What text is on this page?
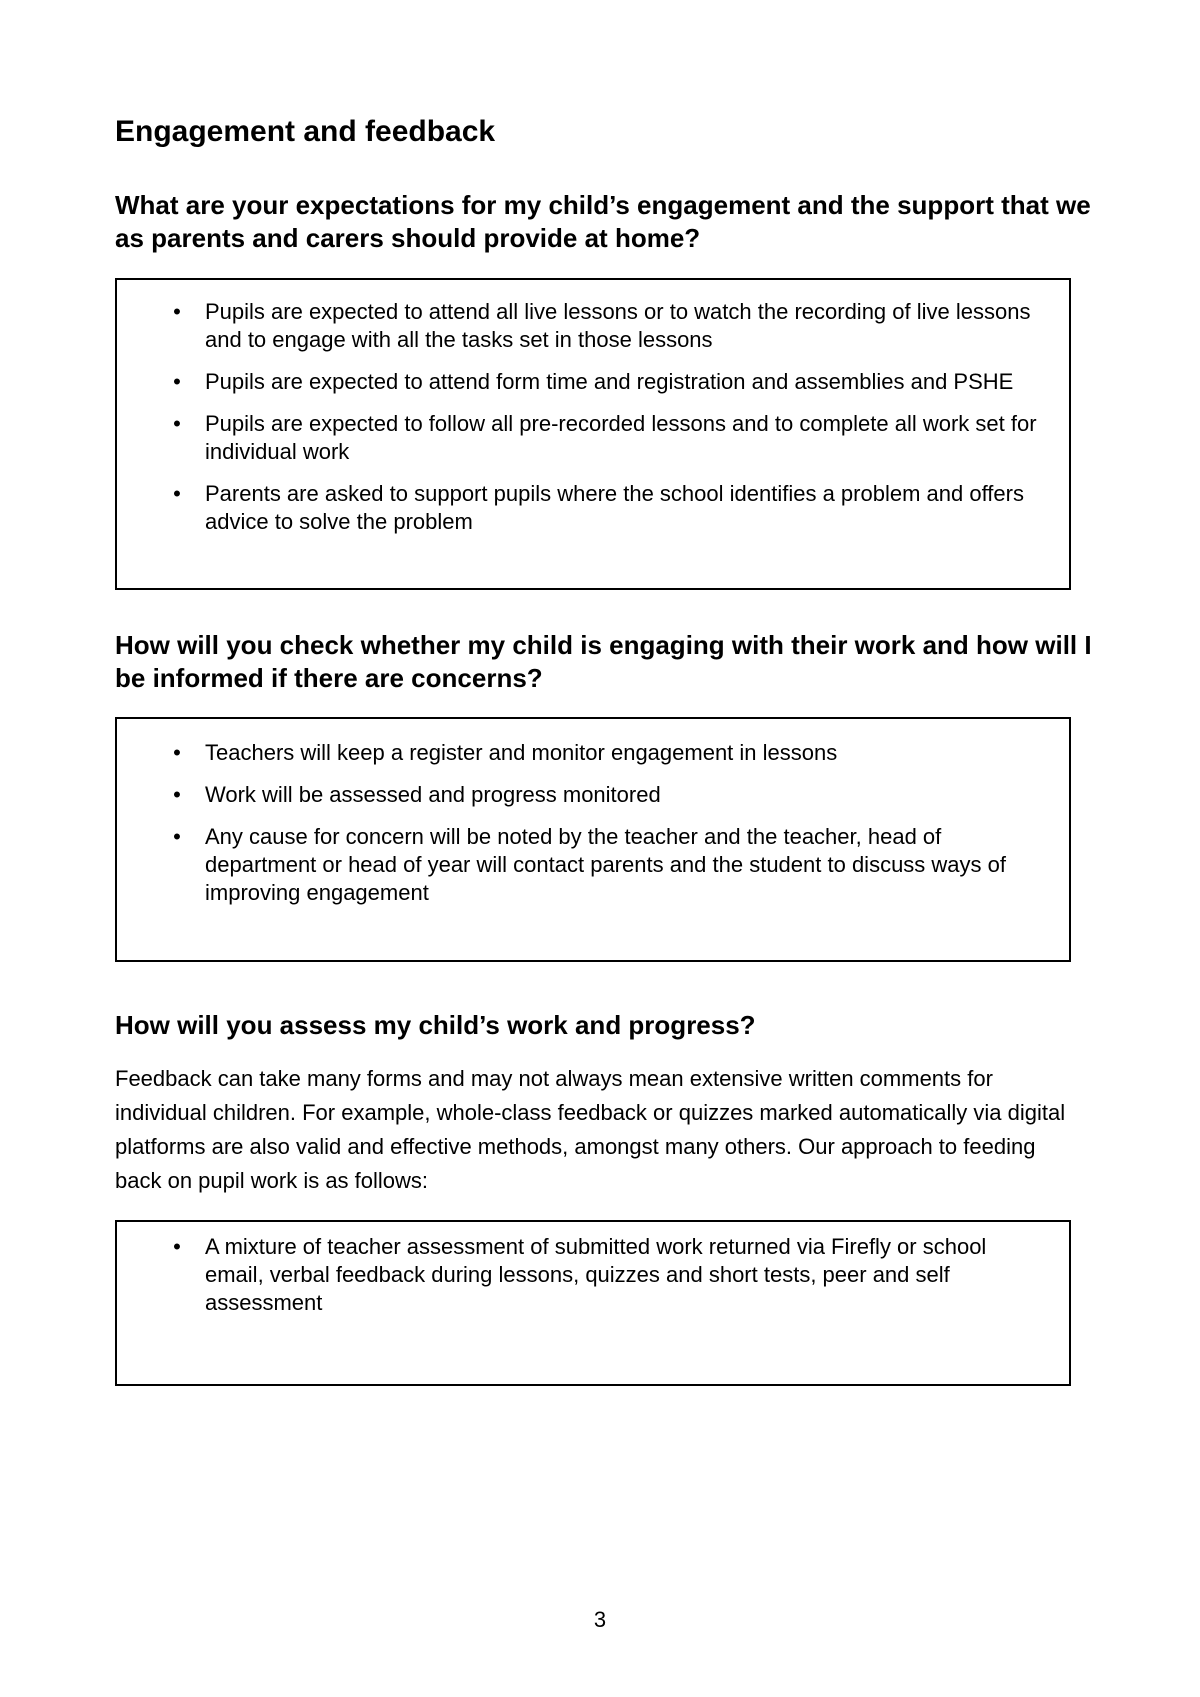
Engagement and feedback
What are your expectations for my child’s engagement and the support that we as parents and carers should provide at home?
• Pupils are expected to attend all live lessons or to watch the recording of live lessons and to engage with all the tasks set in those lessons
• Pupils are expected to attend form time and registration and assemblies and PSHE
• Pupils are expected to follow all pre-recorded lessons and to complete all work set for individual work
• Parents are asked to support pupils where the school identifies a problem and offers advice to solve the problem
How will you check whether my child is engaging with their work and how will I be informed if there are concerns?
• Teachers will keep a register and monitor engagement in lessons
• Work will be assessed and progress monitored
• Any cause for concern will be noted by the teacher and the teacher, head of department or head of year will contact parents and the student to discuss ways of improving engagement
How will you assess my child’s work and progress?

Feedback can take many forms and may not always mean extensive written comments for individual children. For example, whole-class feedback or quizzes marked automatically via digital platforms are also valid and effective methods, amongst many others. Our approach to feeding back on pupil work is as follows:

• A mixture of teacher assessment of submitted work returned via Firefly or school email, verbal feedback during lessons, quizzes and short tests, peer and self assessment
3
